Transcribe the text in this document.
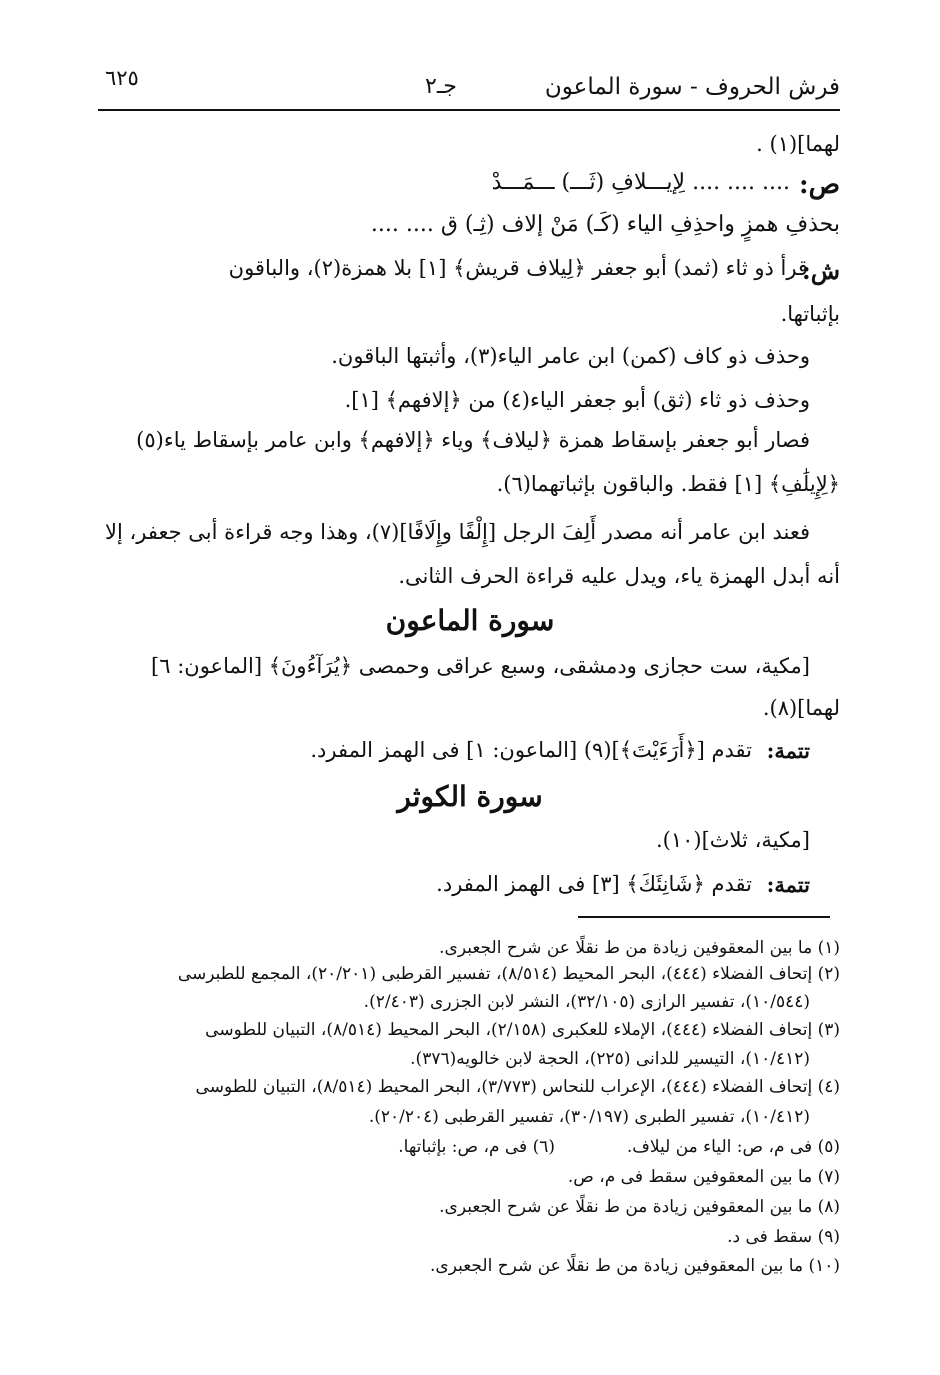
فرش الحروف - سورة الماعون
جـ٢
٦٢٥
لهما](١) .
ص:
.... .... .... لِإيـــلافِ (ثَـــ) ـــمَـــدْ
بحذفِ همزٍ واحذِفِ الياء (كَـ) مَنْ إلاف (ثِـ) ق .... ....
ش:
قرأ ذو ثاء (ثمد) أبو جعفر ﴿لِيلاف قريش﴾ [١] بلا همزة(٢)، والباقون
بإثباتها.
وحذف ذو كاف (كمن) ابن عامر الياء(٣)، وأثبتها الباقون.
وحذف ذو ثاء (ثق) أبو جعفر الياء(٤) من ﴿إلافهم﴾ [١].
فصار أبو جعفر بإسقاط همزة ﴿ليلاف﴾ وياء ﴿إلافهم﴾ وابن عامر بإسقاط ياء(٥)
﴿لِإِيلَٰفِ﴾ [١] فقط. والباقون بإثباتهما(٦).
فعند ابن عامر أنه مصدر أَلِفَ الرجل [إِلْفًا وإِلَافًا](٧)، وهذا وجه قراءة أبى جعفر، إلا
أنه أبدل الهمزة ياء، ويدل عليه قراءة الحرف الثانى.
سورة الماعون
[مكية، ست حجازى ودمشقى، وسبع عراقى وحمصى ﴿يُرَآءُونَ﴾ [الماعون: ٦]
لهما](٨).
تتمة:
تقدم [﴿أَرَءَيْتَ﴾](٩) [الماعون: ١] فى الهمز المفرد.
سورة الكوثر
[مكية، ثلاث](١٠).
تتمة:
تقدم ﴿شَانِئَكَ﴾ [٣] فى الهمز المفرد.
(١) ما بين المعقوفين زيادة من ط نقلًا عن شرح الجعبرى.
(٢) إتحاف الفضلاء (٤٤٤)، البحر المحيط (٨/٥١٤)، تفسير القرطبى (٢٠/٢٠١)، المجمع للطبرسى
(١٠/٥٤٤)، تفسير الرازى (٣٢/١٠٥)، النشر لابن الجزرى (٢/٤٠٣).
(٣) إتحاف الفضلاء (٤٤٤)، الإملاء للعكبرى (٢/١٥٨)، البحر المحيط (٨/٥١٤)، التبيان للطوسى
(١٠/٤١٢)، التيسير للدانى (٢٢٥)، الحجة لابن خالويه(٣٧٦).
(٤) إتحاف الفضلاء (٤٤٤)، الإعراب للنحاس (٣/٧٧٣)، البحر المحيط (٨/٥١٤)، التبيان للطوسى
(١٠/٤١٢)، تفسير الطبرى (٣٠/١٩٧)، تفسير القرطبى (٢٠/٢٠٤).
(٥) فى م، ص: الياء من ليلاف.
(٦) فى م، ص: بإثباتها.
(٧) ما بين المعقوفين سقط فى م، ص.
(٨) ما بين المعقوفين زيادة من ط نقلًا عن شرح الجعبرى.
(٩) سقط فى د.
(١٠) ما بين المعقوفين زيادة من ط نقلًا عن شرح الجعبرى.
